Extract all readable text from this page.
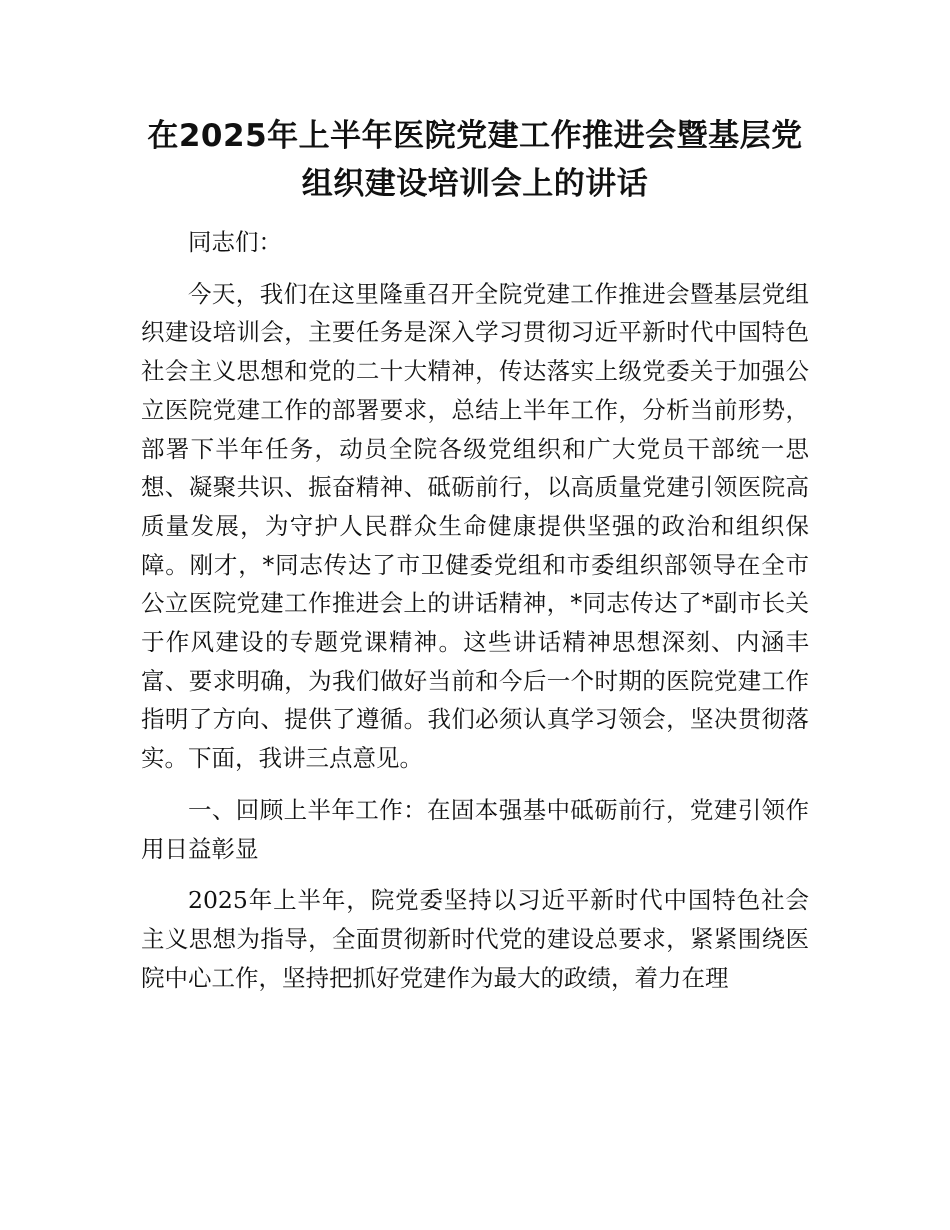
在2025年上半年医院党建工作推进会暨基层党
组织建设培训会上的讲话

同志们：

今天，我们在这里隆重召开全院党建工作推进会暨基层党组织建设培训会，主要任务是深入学习贯彻习近平新时代中国特色社会主义思想和党的二十大精神，传达落实上级党委关于加强公立医院党建工作的部署要求，总结上半年工作，分析当前形势，部署下半年任务，动员全院各级党组织和广大党员干部统一思想、凝聚共识、振奋精神、砥砺前行，以高质量党建引领医院高质量发展，为守护人民群众生命健康提供坚强的政治和组织保障。刚才，*同志传达了市卫健委党组和市委组织部领导在全市公立医院党建工作推进会上的讲话精神，*同志传达了*副市长关于作风建设的专题党课精神。这些讲话精神思想深刻、内涵丰富、要求明确，为我们做好当前和今后一个时期的医院党建工作指明了方向、提供了遵循。我们必须认真学习领会，坚决贯彻落实。下面，我讲三点意见。

一、回顾上半年工作：在固本强基中砥砺前行，党建引领作用日益彰显

2025年上半年，院党委坚持以习近平新时代中国特色社会主义思想为指导，全面贯彻新时代党的建设总要求，紧紧围绕医院中心工作，坚持把抓好党建作为最大的政绩，着力在理
